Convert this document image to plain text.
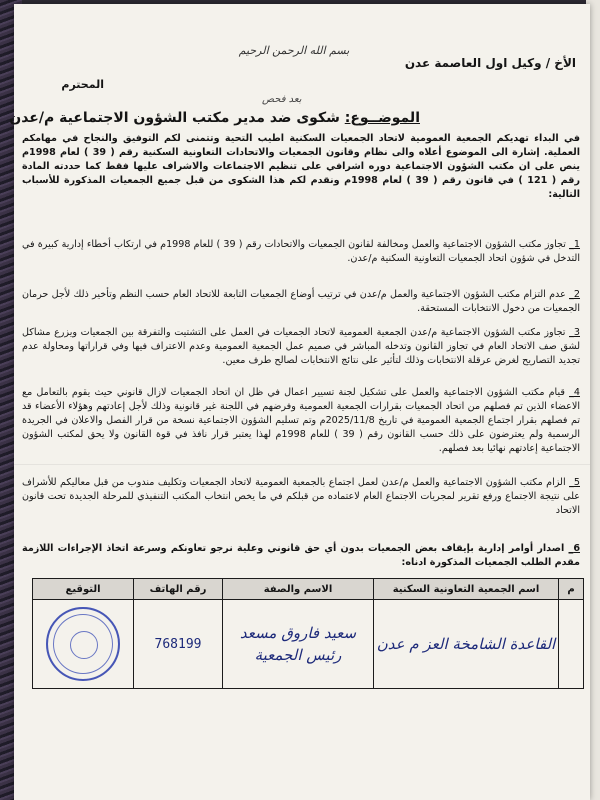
بسم الله الرحمن الرحيم
الأخ / وكيل اول العاصمة عدن
المحترم
بعد فحص
الموضــوع: شكوى ضد مدير مكتب الشؤون الاجتماعية م/عدن
في البداء تهديكم الجمعية العمومية لاتحاد الجمعيات السكنية اطيب التحية وتتمنى لكم التوفيق والنجاح في مهامكم العملية. إشارة الى الموضوع أعلاه والى نظام وقانون الجمعيات والاتحادات التعاونية السكنية رقم ( 39 ) لعام 1998م ينص على ان مكتب الشؤون الاجتماعية دوره اشرافي على تنظيم الاجتماعات والاشراف عليها فقط كما حددته المادة رقم ( 121 ) في قانون رقم ( 39 ) لعام 1998م ونقدم لكم هذا الشكوى من قبل جميع الجمعيات المذكورة للأسباب التالية:
1_ تجاوز مكتب الشؤون الاجتماعية والعمل ومخالفة لقانون الجمعيات والاتحادات رقم ( 39 ) للعام 1998م في ارتكاب أخطاء إدارية كبيرة في التدخل في شؤون اتحاد الجمعيات التعاونية السكنية م/عدن.
2_ عدم التزام مكتب الشؤون الاجتماعية والعمل م/عدن في ترتيب أوضاع الجمعيات التابعة للاتحاد العام حسب النظم وتأخير ذلك لأجل حرمان الجمعيات من دخول الانتخابات المستحقة.
3_ تجاوز مكتب الشؤون الاجتماعية م/عدن الجمعية العمومية لاتحاد الجمعيات في العمل على التشتيت والتفرقة بين الجمعيات ويزرع مشاكل لشق صف الاتحاد العام في تجاوز القانون وتدخله المباشر في صميم عمل الجمعية العمومية وعدم الاعتراف فيها وفي قراراتها ومحاولة عدم تجديد التصاريح لغرض عرقلة الانتخابات وذلك لتأثير على نتائج الانتخابات لصالح طرف معين.
4_ قيام مكتب الشؤون الاجتماعية والعمل على تشكيل لجنة تسيير اعمال في ظل ان اتحاد الجمعيات لازال قانوني حيث يقوم بالتعامل مع الاعضاء الذين تم فصلهم من اتحاد الجمعيات بقرارات الجمعية العمومية وفرضهم في اللجنة غير قانونية وذلك لأجل إعادتهم وهؤلاء الأعضاء قد تم فصلهم بقرار اجتماع الجمعية العمومية في تاريخ 2025/11/8م وتم تسليم الشؤون الاجتماعية نسخة من قرار الفصل والاعلان في الجريدة الرسمية ولم يعترضون على ذلك حسب القانون رقم ( 39 ) للعام 1998م لهذا يعتبر قرار نافذ في قوة القانون ولا يحق لمكتب الشؤون الاجتماعية إعادتهم نهائيا بعد فصلهم.
5_ الزام مكتب الشؤون الاجتماعية والعمل م/عدن لعمل اجتماع بالجمعية العمومية لاتحاد الجمعيات وتكليف مندوب من قبل معاليكم للأشراف على نتيجة الاجتماع ورفع تقرير لمجريات الاجتماع العام لاعتماده من قبلكم في ما يخص انتخاب المكتب التنفيذي للمرحلة الجديدة تحت قانون الاتحاد
6_ اصدار أوامر إدارية بإيقاف بعض الجمعيات بدون أي حق قانوني وعلية نرجو تعاونكم وسرعة اتخاذ الإجراءات اللازمة مقدم الطلب الجمعيات المذكورة ادناه:
م	اسم الجمعية التعاونية السكنية	الاسم والصفة	رقم الهاتف	التوقيع
	القاعدة الشامخة العز م عدن	سعيد فاروق مسعد رئيس الجمعية	768199	
